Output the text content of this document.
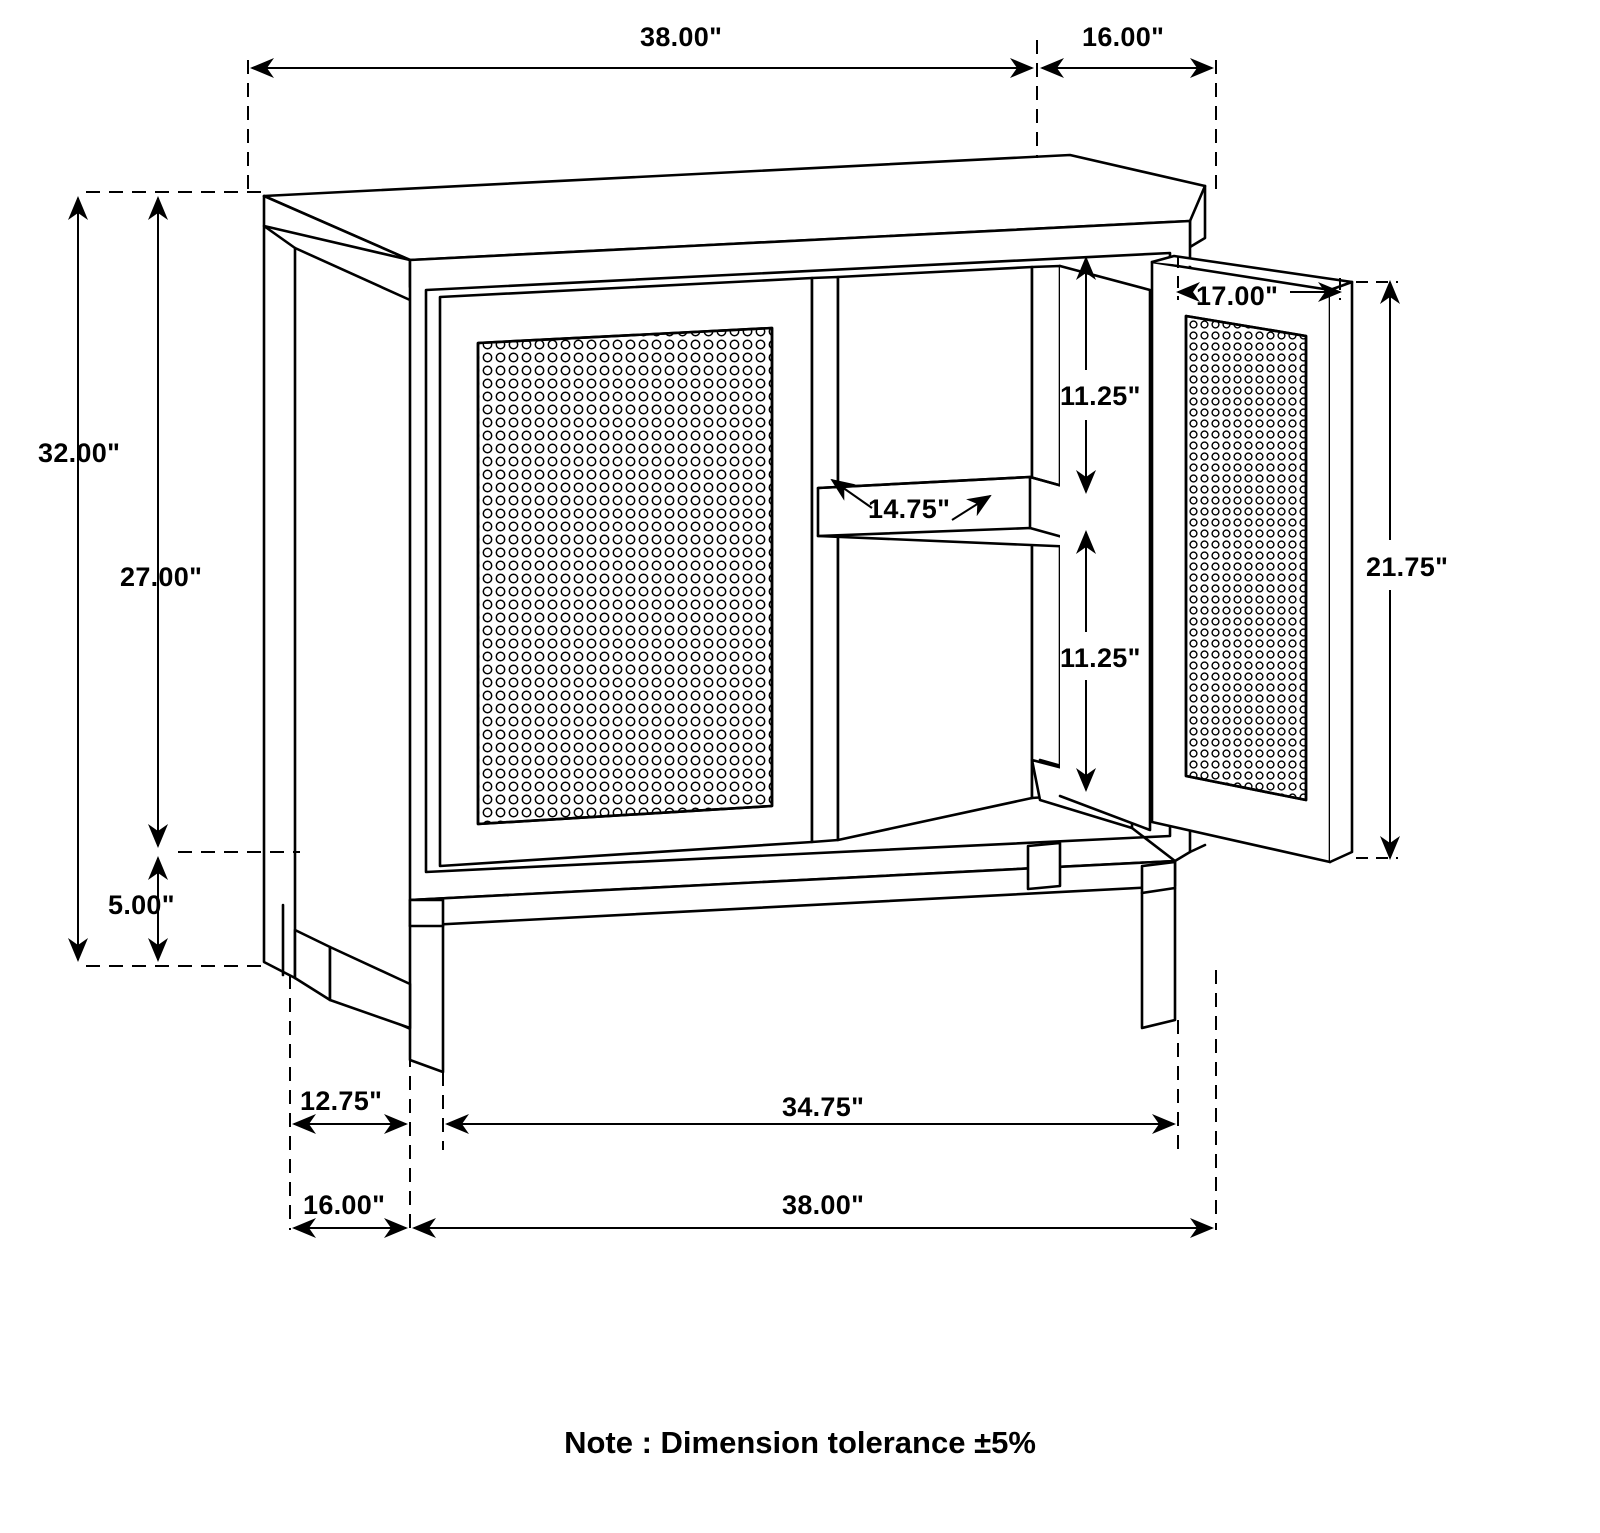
38.00"	16.00"
32.00"
27.00"
5.00"
11.25"
11.25"
14.75"
17.00"
21.75"
12.75"	34.75"
16.00"	38.00"
Note : Dimension tolerance ±5%
